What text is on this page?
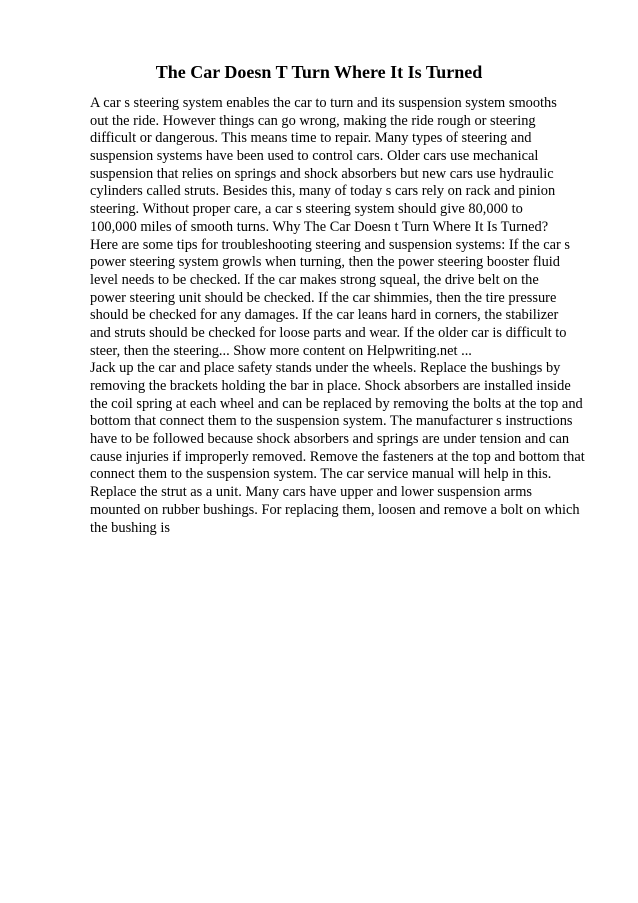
The Car Doesn T Turn Where It Is Turned
A car s steering system enables the car to turn and its suspension system smooths
out the ride. However things can go wrong, making the ride rough or steering
difficult or dangerous. This means time to repair. Many types of steering and
suspension systems have been used to control cars. Older cars use mechanical
suspension that relies on springs and shock absorbers but new cars use hydraulic
cylinders called struts. Besides this, many of today s cars rely on rack and pinion
steering. Without proper care, a car s steering system should give 80,000 to
100,000 miles of smooth turns. Why The Car Doesn t Turn Where It Is Turned?
Here are some tips for troubleshooting steering and suspension systems: If the car s
power steering system growls when turning, then the power steering booster fluid
level needs to be checked. If the car makes strong squeal, the drive belt on the
power steering unit should be checked. If the car shimmies, then the tire pressure
should be checked for any damages. If the car leans hard in corners, the stabilizer
and struts should be checked for loose parts and wear. If the older car is difficult to
steer, then the steering... Show more content on Helpwriting.net ...
Jack up the car and place safety stands under the wheels. Replace the bushings by
removing the brackets holding the bar in place. Shock absorbers are installed inside
the coil spring at each wheel and can be replaced by removing the bolts at the top and
bottom that connect them to the suspension system. The manufacturer s instructions
have to be followed because shock absorbers and springs are under tension and can
cause injuries if improperly removed. Remove the fasteners at the top and bottom that
connect them to the suspension system. The car service manual will help in this.
Replace the strut as a unit. Many cars have upper and lower suspension arms
mounted on rubber bushings. For replacing them, loosen and remove a bolt on which
the bushing is
